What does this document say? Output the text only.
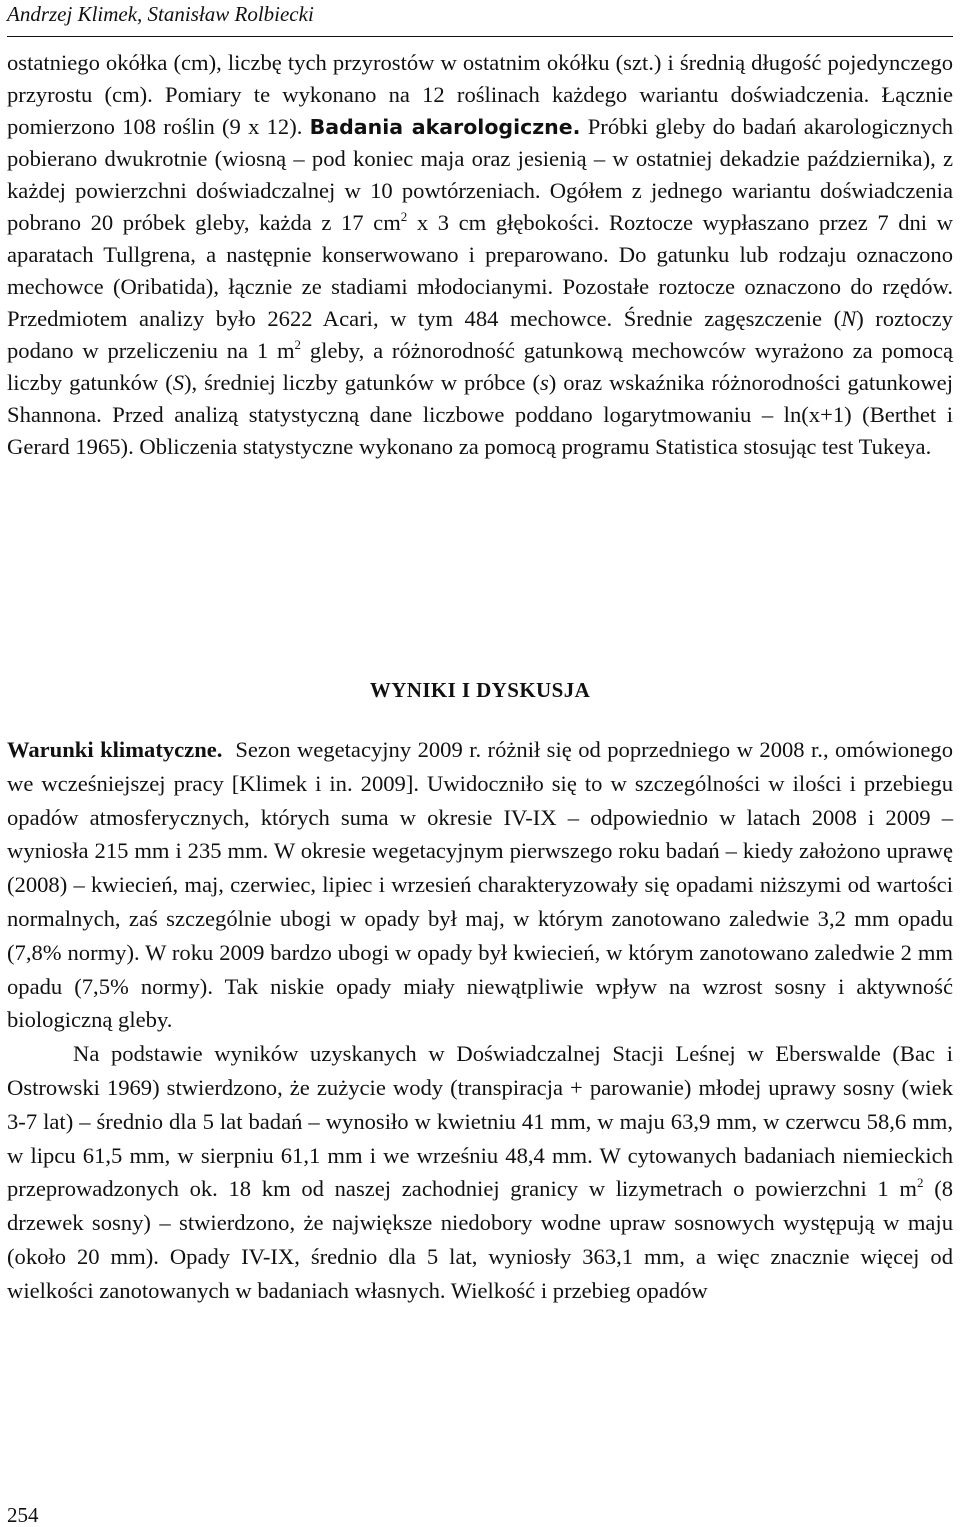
Andrzej Klimek, Stanisław Rolbiecki

ostatniego okółka (cm), liczbę tych przyrostów w ostatnim okółku (szt.) i średnią długość pojedynczego przyrostu (cm). Pomiary te wykonano na 12 roślinach każdego wariantu doświadczenia. Łącznie pomierzono 108 roślin (9 x 12). Badania akarologiczne. Próbki gleby do badań akarologicznych pobierano dwukrotnie (wiosną – pod koniec maja oraz jesienią – w ostatniej dekadzie października), z każdej powierzchni doświadczalnej w 10 powtórzeniach. Ogółem z jednego wariantu doświadczenia pobrano 20 próbek gleby, każda z 17 $cm^2$ x 3 cm głębokości. Roztocze wypłaszano przez 7 dni w aparatach Tullgrena, a następnie konserwowano i preparowano. Do gatunku lub rodzaju oznaczono mechowce (Oribatida), łącznie ze stadiami młodocianymi. Pozostałe roztocze oznaczono do rzędów. Przedmiotem analizy było 2622 Acari, w tym 484 mechowce. Średnie zagęszczenie (N) roztoczy podano w przeliczeniu na 1 $m^2$ gleby, a różnorodność gatunkową mechowców wyrażono za pomocą liczby gatunków (S), średniej liczby gatunków w próbce (s) oraz wskaźnika różnorodności gatunkowej Shannona. Przed analizą statystyczną dane liczbowe poddano logarytmowaniu – ln(x+1) (Berthet i Gerard 1965). Obliczenia statystyczne wykonano za pomocą programu Statistica stosując test Tukeya.

WYNIKI I DYSKUSJA

Warunki klimatyczne. Sezon wegetacyjny 2009 r. różnił się od poprzedniego w 2008 r., omówionego we wcześniejszej pracy [Klimek i in. 2009]. Uwidoczniło się to w szczególności w ilości i przebiegu opadów atmosferycznych, których suma w okresie IV-IX – odpowiednio w latach 2008 i 2009 – wyniosła 215 mm i 235 mm. W okresie wegetacyjnym pierwszego roku badań – kiedy założono uprawę (2008) – kwiecień, maj, czerwiec, lipiec i wrzesień charakteryzowały się opadami niższymi od wartości normalnych, zaś szczególnie ubogi w opady był maj, w którym zanotowano zaledwie 3,2 mm opadu (7,8% normy). W roku 2009 bardzo ubogi w opady był kwiecień, w którym zanotowano zaledwie 2 mm opadu (7,5% normy). Tak niskie opady miały niewątpliwie wpływ na wzrost sosny i aktywność biologiczną gleby.

Na podstawie wyników uzyskanych w Doświadczalnej Stacji Leśnej w Eberswalde (Bac i Ostrowski 1969) stwierdzono, że zużycie wody (transpiracja + parowanie) młodej uprawy sosny (wiek 3-7 lat) – średnio dla 5 lat badań – wynosiło w kwietniu 41 mm, w maju 63,9 mm, w czerwcu 58,6 mm, w lipcu 61,5 mm, w sierpniu 61,1 mm i we wrześniu 48,4 mm. W cytowanych badaniach niemieckich przeprowadzonych ok. 18 km od naszej zachodniej granicy w lizymetrach o powierzchni 1 $m^2$ (8 drzewek sosny) – stwierdzono, że największe niedobory wodne upraw sosnowych występują w maju (około 20 mm). Opady IV-IX, średnio dla 5 lat, wyniosły 363,1 mm, a więc znacznie więcej od wielkości zanotowanych w badaniach własnych. Wielkość i przebieg opadów

254
